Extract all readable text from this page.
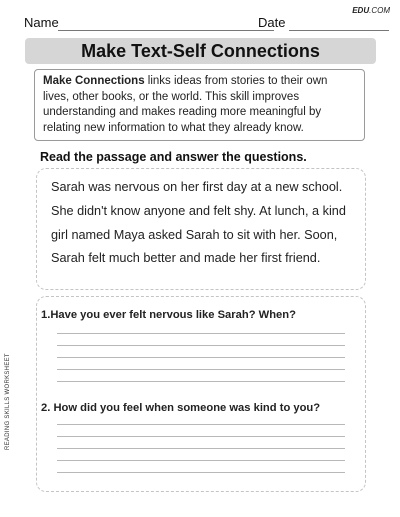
EDU.COM
Name	Date
Make Text-Self Connections
Make Connections links ideas from stories to their own lives, other books, or the world. This skill improves understanding and makes reading more meaningful by relating new information to what they already know.
Read the passage and answer the questions.
Sarah was nervous on her first day at a new school. She didn't know anyone and felt shy. At lunch, a kind girl named Maya asked Sarah to sit with her. Soon, Sarah felt much better and made her first friend.
1.Have you ever felt nervous like Sarah? When?
2. How did you feel when someone was kind to you?
READING SKILLS WORKSHEET
